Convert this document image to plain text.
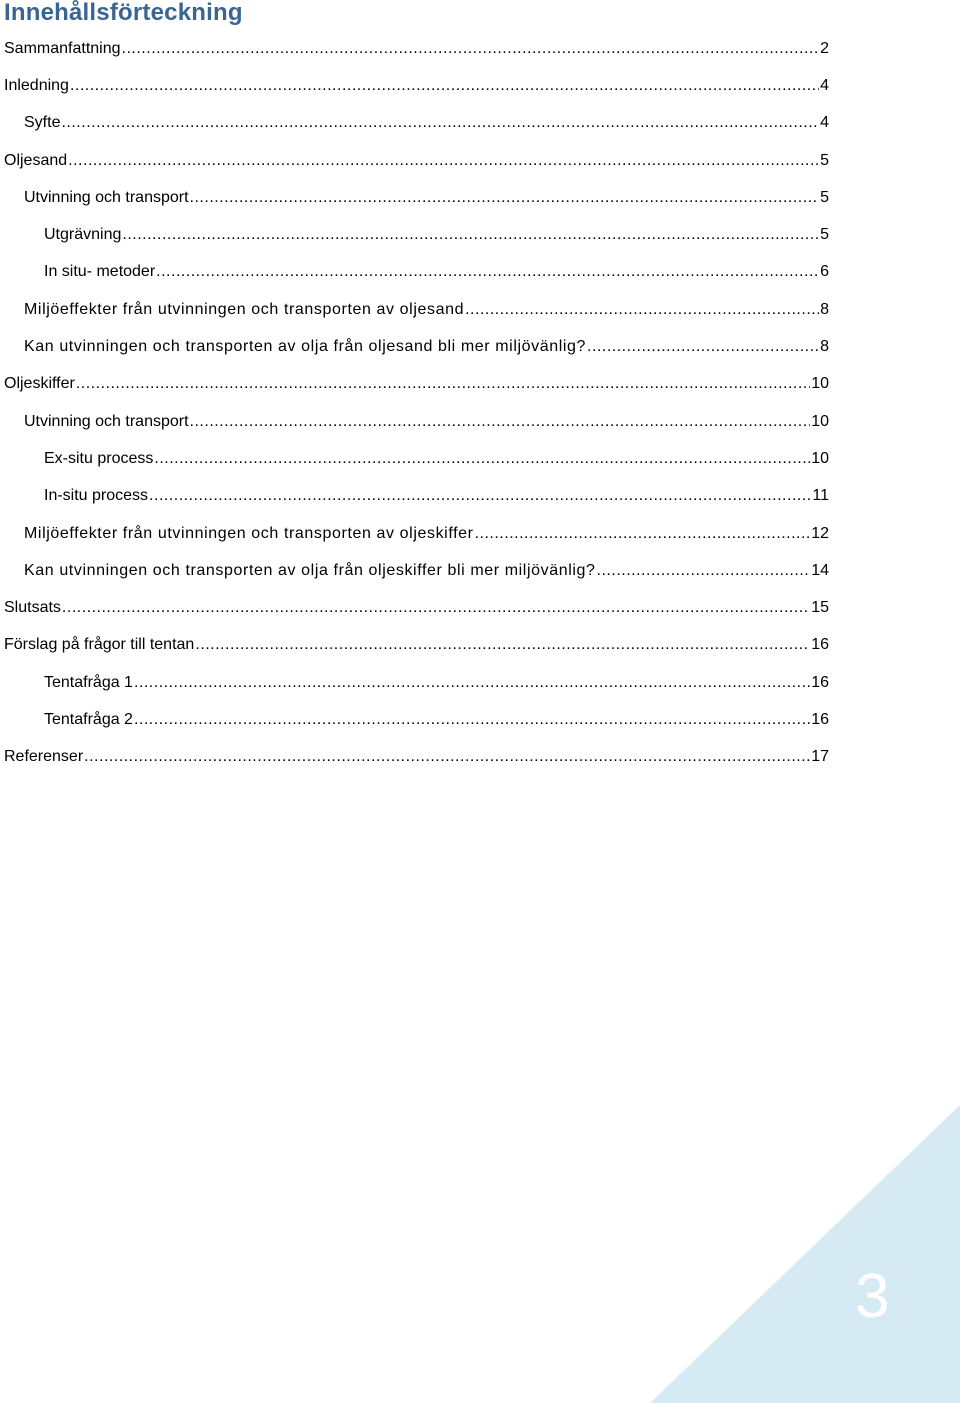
Innehållsförteckning
Sammanfattning .....	2
Inledning .....	4
Syfte .....	4
Oljesand .....	5
Utvinning och transport .....	5
Utgrävning .....	5
In situ- metoder .....	6
Miljöeffekter från utvinningen och transporten av oljesand .....	8
Kan utvinningen och transporten av olja från oljesand bli mer miljövänlig? .....	8
Oljeskiffer .....	10
Utvinning och transport .....	10
Ex-situ process .....	10
In-situ process .....	11
Miljöeffekter från utvinningen och transporten av oljeskiffer .....	12
Kan utvinningen och transporten av olja från oljeskiffer bli mer miljövänlig? .....	14
Slutsats .....	15
Förslag på frågor till tentan .....	16
Tentafråga 1 .....	16
Tentafråga 2 .....	16
Referenser .....	17
3
